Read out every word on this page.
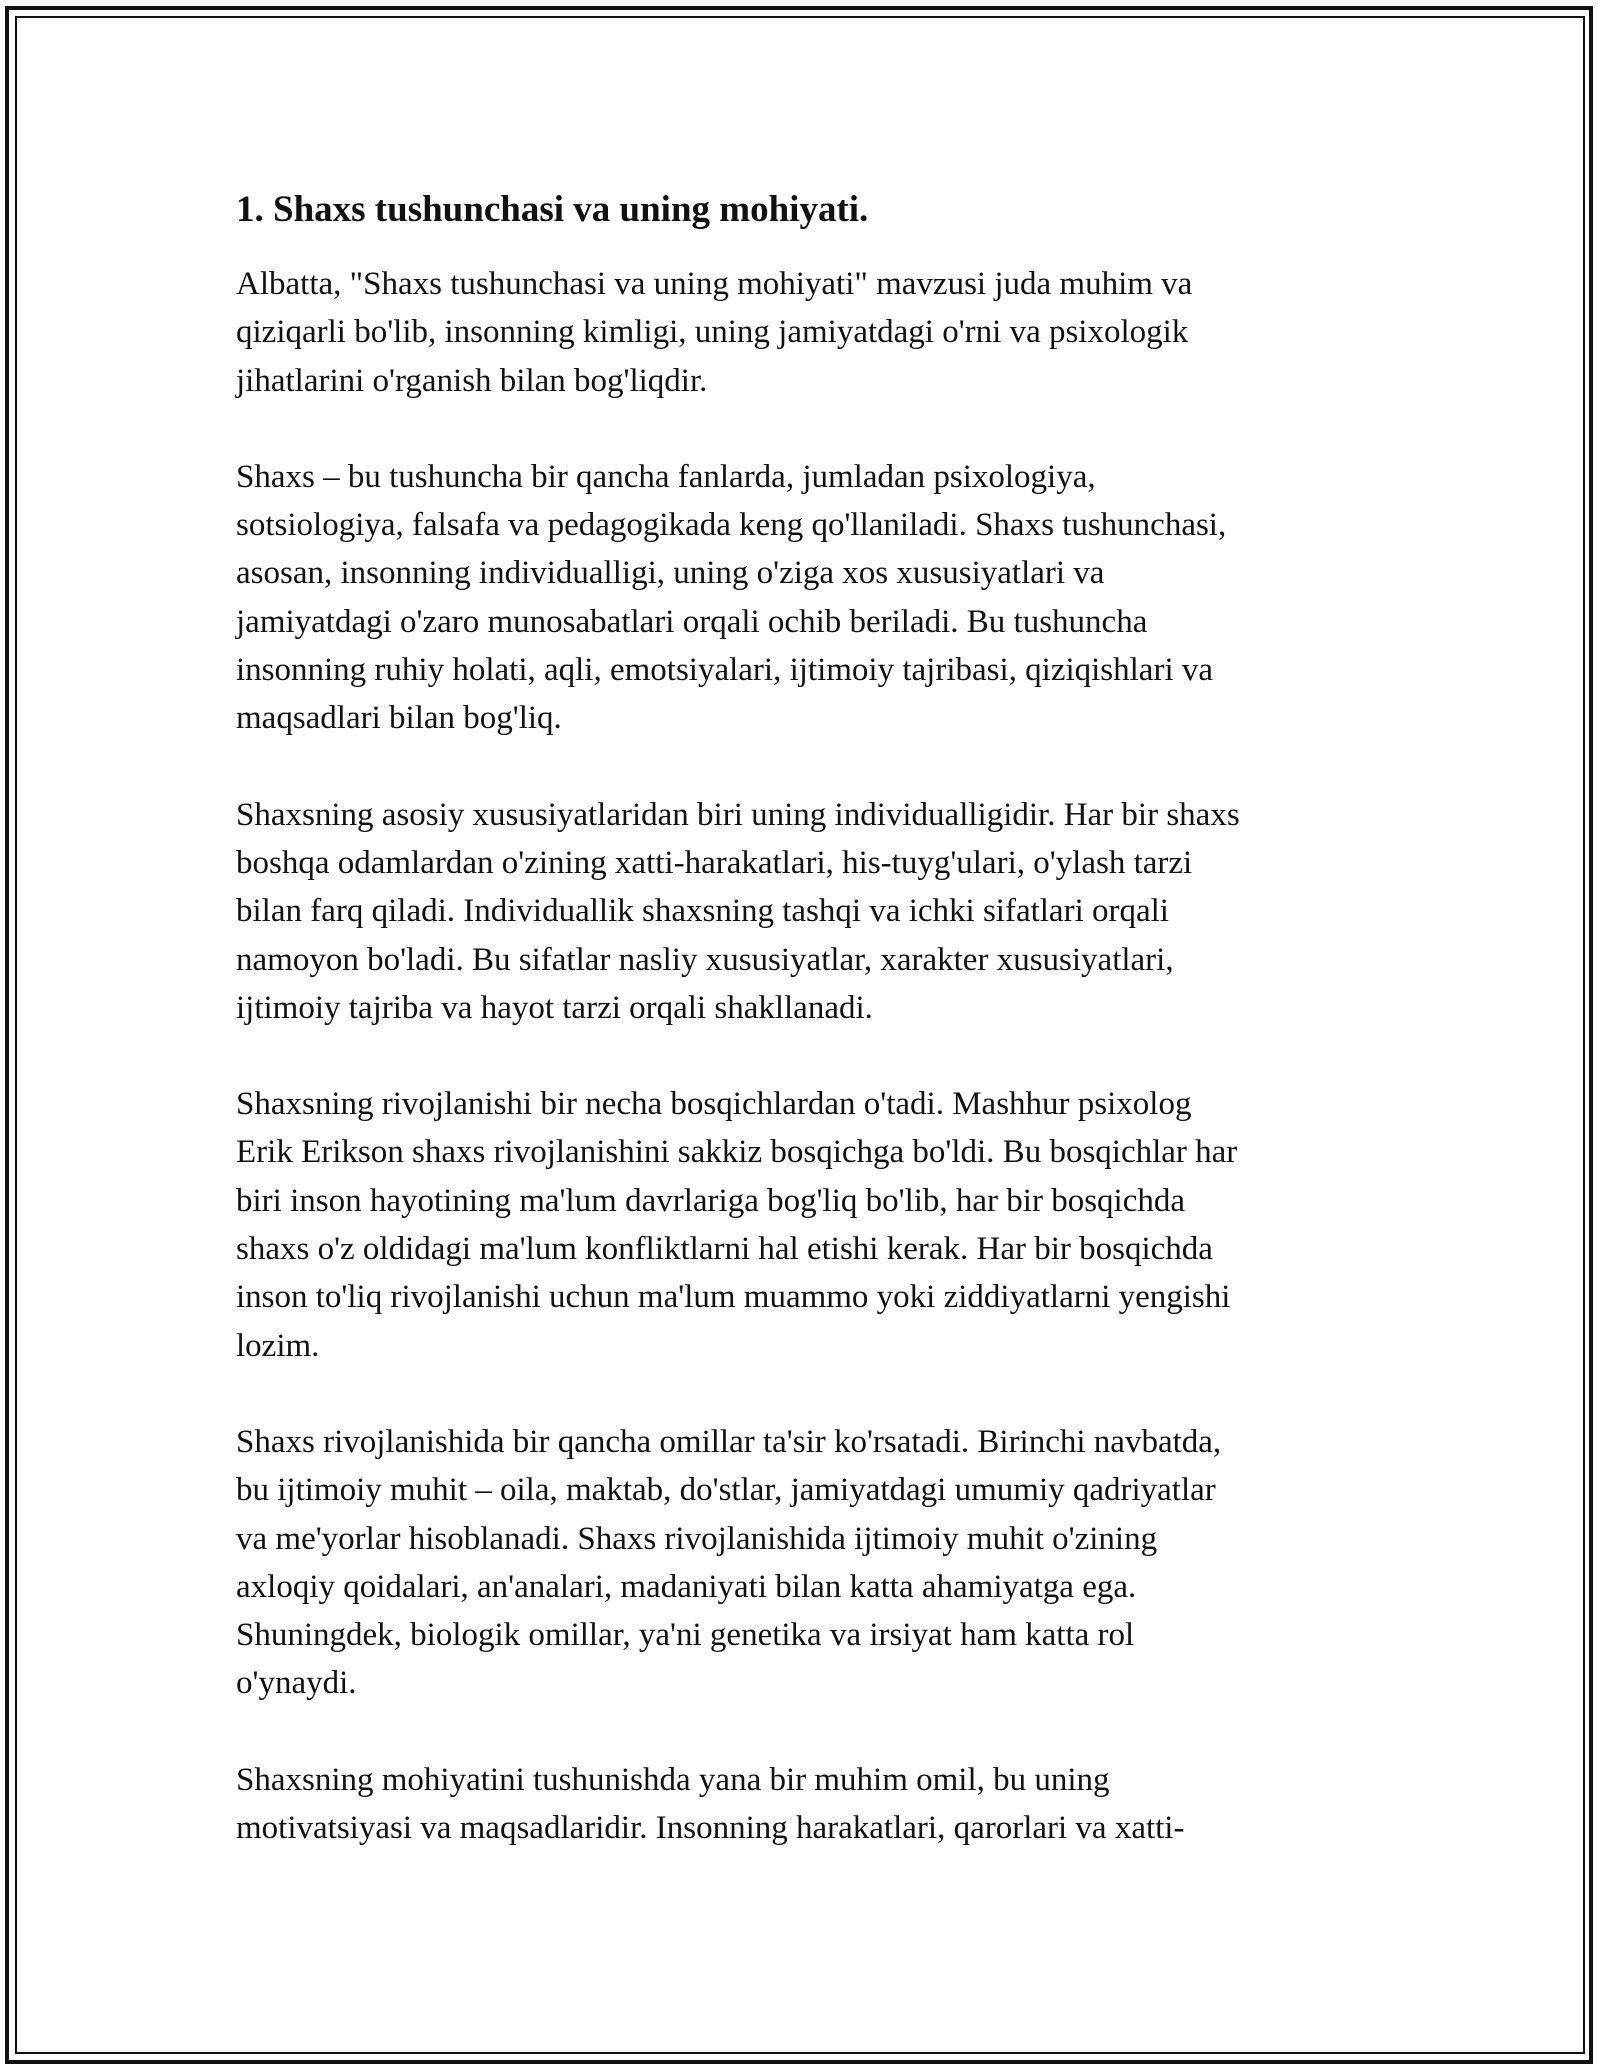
1. Shaxs tushunchasi va uning mohiyati.

Albatta, "Shaxs tushunchasi va uning mohiyati" mavzusi juda muhim va
qiziqarli bo'lib, insonning kimligi, uning jamiyatdagi o'rni va psixologik
jihatlarini o'rganish bilan bog'liqdir.

Shaxs – bu tushuncha bir qancha fanlarda, jumladan psixologiya,
sotsiologiya, falsafa va pedagogikada keng qo'llaniladi. Shaxs tushunchasi,
asosan, insonning individualligi, uning o'ziga xos xususiyatlari va
jamiyatdagi o'zaro munosabatlari orqali ochib beriladi. Bu tushuncha
insonning ruhiy holati, aqli, emotsiyalari, ijtimoiy tajribasi, qiziqishlari va
maqsadlari bilan bog'liq.

Shaxsning asosiy xususiyatlaridan biri uning individualligidir. Har bir shaxs
boshqa odamlardan o'zining xatti-harakatlari, his-tuyg'ulari, o'ylash tarzi
bilan farq qiladi. Individuallik shaxsning tashqi va ichki sifatlari orqali
namoyon bo'ladi. Bu sifatlar nasliy xususiyatlar, xarakter xususiyatlari,
ijtimoiy tajriba va hayot tarzi orqali shakllanadi.

Shaxsning rivojlanishi bir necha bosqichlardan o'tadi. Mashhur psixolog
Erik Erikson shaxs rivojlanishini sakkiz bosqichga bo'ldi. Bu bosqichlar har
biri inson hayotining ma'lum davrlariga bog'liq bo'lib, har bir bosqichda
shaxs o'z oldidagi ma'lum konfliktlarni hal etishi kerak. Har bir bosqichda
inson to'liq rivojlanishi uchun ma'lum muammo yoki ziddiyatlarni yengishi
lozim.

Shaxs rivojlanishida bir qancha omillar ta'sir ko'rsatadi. Birinchi navbatda,
bu ijtimoiy muhit – oila, maktab, do'stlar, jamiyatdagi umumiy qadriyatlar
va me'yorlar hisoblanadi. Shaxs rivojlanishida ijtimoiy muhit o'zining
axloqiy qoidalari, an'analari, madaniyati bilan katta ahamiyatga ega.
Shuningdek, biologik omillar, ya'ni genetika va irsiyat ham katta rol
o'ynaydi.

Shaxsning mohiyatini tushunishda yana bir muhim omil, bu uning
motivatsiyasi va maqsadlaridir. Insonning harakatlari, qarorlari va xatti-
